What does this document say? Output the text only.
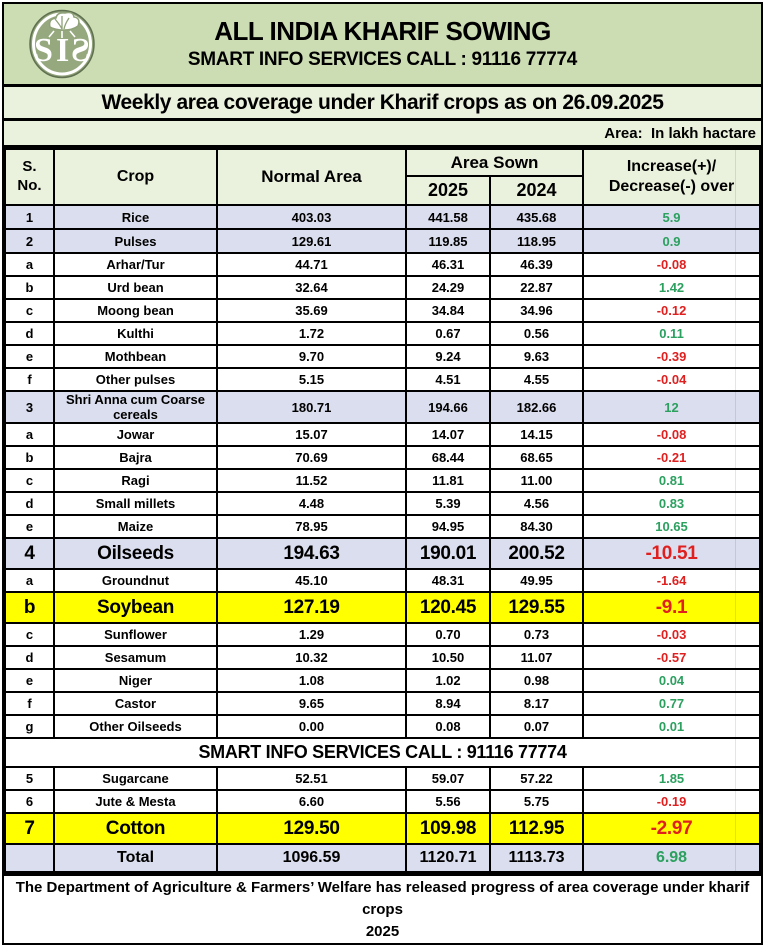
S I S
ALL INDIA KHARIF SOWING
SMART INFO SERVICES CALL : 91116 77774
Weekly area coverage under Kharif crops as on 26.09.2025
Area:  In lakh hactare
S.
No.
	Crop	Normal Area	Area Sown	Increase(+)/
Decrease(-) over

			2025	2024	
1	Rice	403.03	441.58	435.68	5.9
2	Pulses	129.61	119.85	118.95	0.9
a	Arhar/Tur	44.71	46.31	46.39	-0.08
b	Urd bean	32.64	24.29	22.87	1.42
c	Moong bean	35.69	34.84	34.96	-0.12
d	Kulthi	1.72	0.67	0.56	0.11
e	Mothbean	9.70	9.24	9.63	-0.39
f	Other pulses	5.15	4.51	4.55	-0.04
3	Shri Anna cum Coarse cereals	180.71	194.66	182.66	12
a	Jowar	15.07	14.07	14.15	-0.08
b	Bajra	70.69	68.44	68.65	-0.21
c	Ragi	11.52	11.81	11.00	0.81
d	Small millets	4.48	5.39	4.56	0.83
e	Maize	78.95	94.95	84.30	10.65
4	Oilseeds	194.63	190.01	200.52	-10.51
a	Groundnut	45.10	48.31	49.95	-1.64
b	Soybean	127.19	120.45	129.55	-9.1
c	Sunflower	1.29	0.70	0.73	-0.03
d	Sesamum	10.32	10.50	11.07	-0.57
e	Niger	1.08	1.02	0.98	0.04
f	Castor	9.65	8.94	8.17	0.77
g	Other Oilseeds	0.00	0.08	0.07	0.01
SMART INFO SERVICES CALL : 91116 77774					
5	Sugarcane	52.51	59.07	57.22	1.85
6	Jute & Mesta	6.60	5.56	5.75	-0.19
7	Cotton	129.50	109.98	112.95	-2.97
	Total	1096.59	1120.71	1113.73	6.98
The Department of Agriculture & Farmers’ Welfare has released progress of area coverage under kharif crops
2025
